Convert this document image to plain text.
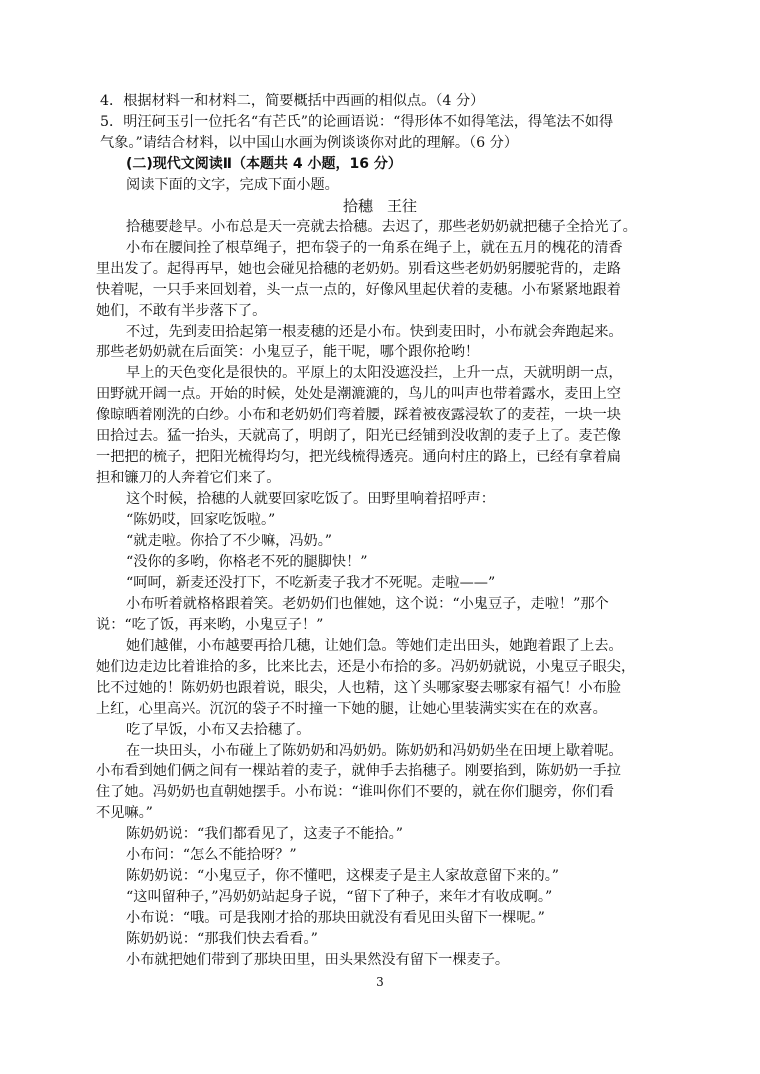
4．根据材料一和材料二，简要概括中西画的相似点。（4 分）
5．明汪砢玉引一位托名“有芒氏”的论画语说：“得形体不如得笔法，得笔法不如得
气象。”请结合材料，以中国山水画为例谈谈你对此的理解。（6 分）
(二)现代文阅读Ⅱ（本题共 4 小题，16 分）
阅读下面的文字，完成下面小题。
拾穗 王往
拾穗要趁早。小布总是天一亮就去拾穗。去迟了，那些老奶奶就把穗子全拾光了。
小布在腰间拴了根草绳子，把布袋子的一角系在绳子上，就在五月的槐花的清香
里出发了。起得再早，她也会碰见拾穗的老奶奶。别看这些老奶奶躬腰驼背的，走路
快着呢，一只手来回划着，头一点一点的，好像风里起伏着的麦穗。小布紧紧地跟着
她们，不敢有半步落下了。
不过，先到麦田拾起第一根麦穗的还是小布。快到麦田时，小布就会奔跑起来。
那些老奶奶就在后面笑：小鬼豆子，能干呢，哪个跟你抢哟！
早上的天色变化是很快的。平原上的太阳没遮没拦，上升一点，天就明朗一点，
田野就开阔一点。开始的时候，处处是潮漉漉的，鸟儿的叫声也带着露水，麦田上空
像晾晒着刚洗的白纱。小布和老奶奶们弯着腰，踩着被夜露浸软了的麦茬，一块一块
田拾过去。猛一抬头，天就高了，明朗了，阳光已经铺到没收割的麦子上了。麦芒像
一把把的梳子，把阳光梳得均匀，把光线梳得透亮。通向村庄的路上，已经有拿着扁
担和镰刀的人奔着它们来了。
这个时候，拾穗的人就要回家吃饭了。田野里响着招呼声：
“陈奶哎，回家吃饭啦。”
“就走啦。你拾了不少嘛，冯奶。”
“没你的多哟，你格老不死的腿脚快！”
“呵呵，新麦还没打下，不吃新麦子我才不死呢。走啦——”
小布听着就格格跟着笑。老奶奶们也催她，这个说：“小鬼豆子，走啦！”那个
说：“吃了饭，再来哟，小鬼豆子！”
她们越催，小布越要再拾几穗，让她们急。等她们走出田头，她跑着跟了上去。
她们边走边比着谁拾的多，比来比去，还是小布拾的多。冯奶奶就说，小鬼豆子眼尖，
比不过她的！陈奶奶也跟着说，眼尖，人也精，这丫头哪家娶去哪家有福气！小布脸
上红，心里高兴。沉沉的袋子不时撞一下她的腿，让她心里装满实实在在的欢喜。
吃了早饭，小布又去拾穗了。
在一块田头，小布碰上了陈奶奶和冯奶奶。陈奶奶和冯奶奶坐在田埂上歇着呢。
小布看到她们俩之间有一棵站着的麦子，就伸手去掐穗子。刚要掐到，陈奶奶一手拉
住了她。冯奶奶也直朝她摆手。小布说：“谁叫你们不要的，就在你们腿旁，你们看
不见嘛。”
陈奶奶说：“我们都看见了，这麦子不能拾。”
小布问：“怎么不能拾呀？”
陈奶奶说：“小鬼豆子，你不懂吧，这棵麦子是主人家故意留下来的。”
“这叫留种子，”冯奶奶站起身子说，“留下了种子，来年才有收成啊。”
小布说：“哦。可是我刚才拾的那块田就没有看见田头留下一棵呢。”
陈奶奶说：“那我们快去看看。”
小布就把她们带到了那块田里，田头果然没有留下一棵麦子。
3
